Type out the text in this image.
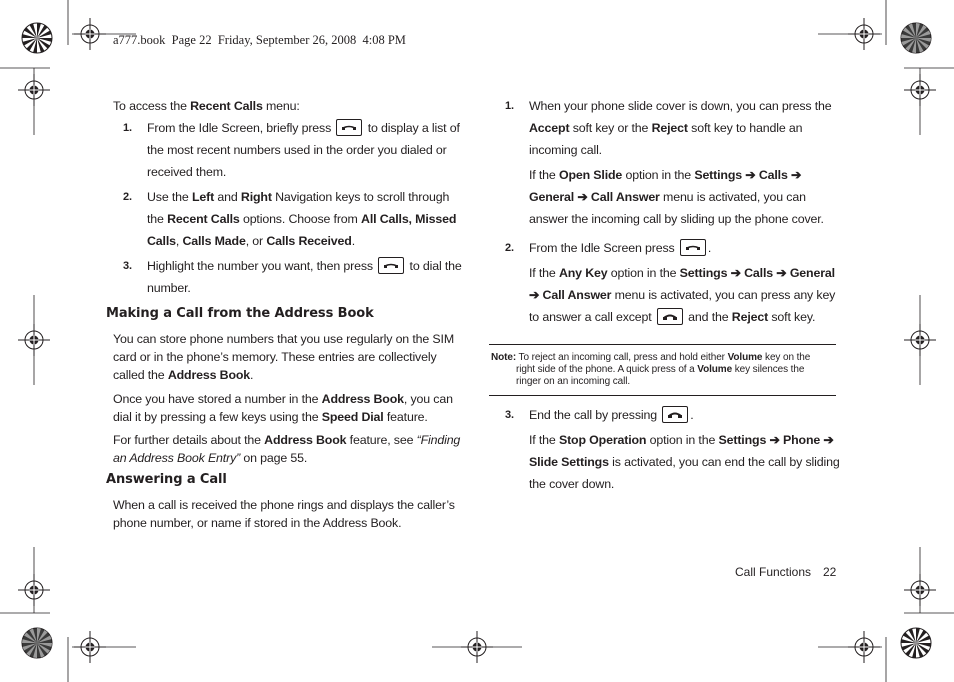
a777.book  Page 22  Friday, September 26, 2008  4:08 PM
To access the Recent Calls menu:
1. From the Idle Screen, briefly press
to display a list of
the most recent numbers used in the order you dialed or
received them.
2. Use the Left and Right Navigation keys to scroll through
the Recent Calls options. Choose from All Calls, Missed
Calls, Calls Made, or Calls Received.
3. Highlight the number you want, then press
to dial the
number.
Making a Call from the Address Book
You can store phone numbers that you use regularly on the SIM
card or in the phone’s memory. These entries are collectively
called the Address Book.
Once you have stored a number in the Address Book, you can
dial it by pressing a few keys using the Speed Dial feature.
For further details about the Address Book feature, see “Finding
an Address Book Entry” on page 55.
Answering a Call
When a call is received the phone rings and displays the caller’s
phone number, or name if stored in the Address Book.
1. When your phone slide cover is down, you can press the
Accept soft key or the Reject soft key to handle an
incoming call.
If the Open Slide option in the Settings ➔ Calls ➔
General ➔ Call Answer menu is activated, you can
answer the incoming call by sliding up the phone cover.
2. From the Idle Screen press
.
If the Any Key option in the Settings ➔ Calls ➔ General
➔ Call Answer menu is activated, you can press any key
to answer a call except
and the Reject soft key.
Note: To reject an incoming call, press and hold either Volume key on the
right side of the phone. A quick press of a Volume key silences the
ringer on an incoming call.
3. End the call by pressing
.
If the Stop Operation option in the Settings ➔ Phone ➔
Slide Settings is activated, you can end the call by sliding
the cover down.
Call Functions 22
